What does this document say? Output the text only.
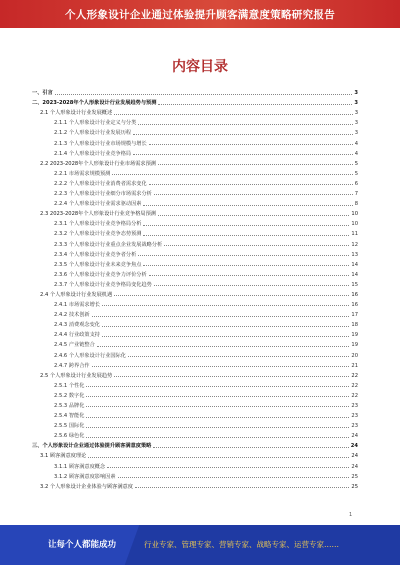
个人形象设计企业通过体验提升顾客满意度策略研究报告
内容目录
一、引言	3
二、2023-2028年个人形象设计行业发展趋势与预测	3
2.1 个人形象设计行业发展概述	3
2.1.1 个人形象设计行业定义与分类	3
2.1.2 个人形象设计行业发展历程	3
2.1.3 个人形象设计行业市场规模与增长	4
2.1.4 个人形象设计行业竞争格局	4
2.2 2023-2028年个人形象设计行业市场需求预测	5
2.2.1 市场需求规模预测	5
2.2.2 个人形象设计行业消费者需求变化	6
2.2.3 个人形象设计行业细分市场需求分析	7
2.2.4 个人形象设计行业需求驱动因素	8
2.3 2023-2028年个人形象设计行业竞争格局预测	10
2.3.1 个人形象设计行业竞争格局分析	10
2.3.2 个人形象设计行业竞争态势预测	11
2.3.3 个人形象设计行业重点企业发展战略分析	12
2.3.4 个人形象设计行业竞争者分析	13
2.3.5 个人形象设计行业未来竞争焦点	14
2.3.6 个人形象设计行业竞争力评价分析	14
2.3.7 个人形象设计行业竞争格局变化趋势	15
2.4 个人形象设计行业发展机遇	16
2.4.1 市场需求增长	16
2.4.2 技术创新	17
2.4.3 消费观念变化	18
2.4.4 行业政策支持	19
2.4.5 产业链整合	19
2.4.6 个人形象设计行业国际化	20
2.4.7 跨界合作	21
2.5 个人形象设计行业发展趋势	22
2.5.1 个性化	22
2.5.2 数字化	22
2.5.3 品牌化	23
2.5.4 智能化	23
2.5.5 国际化	23
2.5.6 绿色化	24
三、个人形象设计企业通过体验提升顾客满意度策略	24
3.1 顾客满意度理论	24
3.1.1 顾客满意度概念	24
3.1.2 顾客满意度影响因素	25
3.2 个人形象设计企业体验与顾客满意度	25
1
让每个人都能成功	行业专家、管理专家、营销专家、战略专家、运营专家……
